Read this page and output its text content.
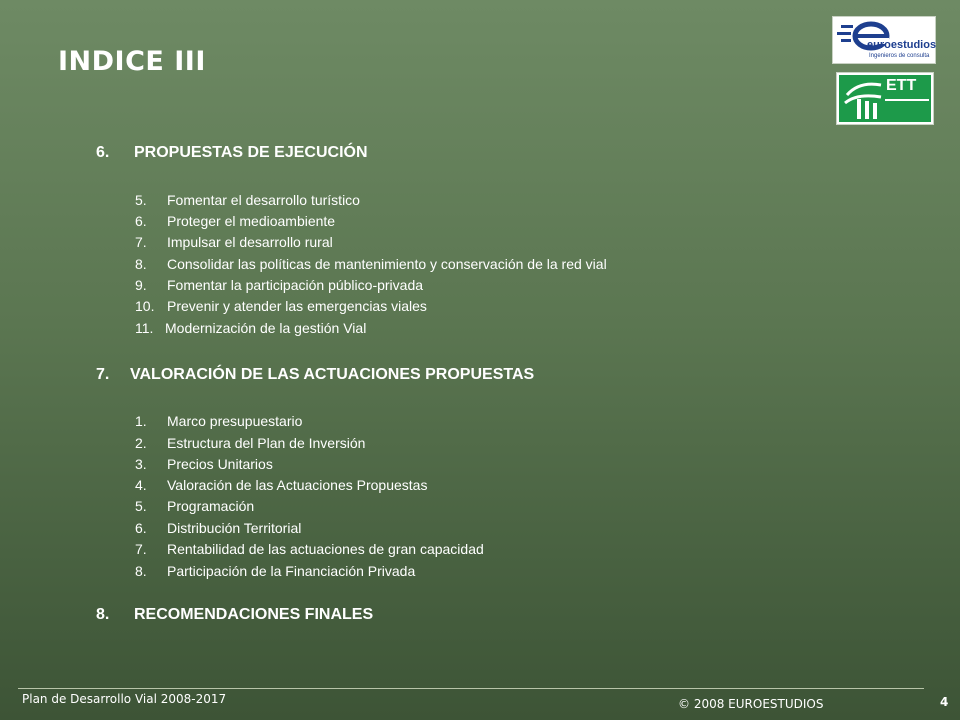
INDICE III
euroestudios
Ingenieros de consulta
ETT
6. PROPUESTAS DE EJECUCIÓN
5. Fomentar el desarrollo turístico
6. Proteger el medioambiente
7. Impulsar el desarrollo rural
8. Consolidar las políticas de mantenimiento y conservación de la red vial
9. Fomentar la participación público-privada
10. Prevenir y atender las emergencias viales
11. Modernización de la gestión Vial
7. VALORACIÓN DE LAS ACTUACIONES PROPUESTAS
1. Marco presupuestario
2. Estructura del Plan de Inversión
3. Precios Unitarios
4. Valoración de las Actuaciones Propuestas
5. Programación
6. Distribución Territorial
7. Rentabilidad de las actuaciones de gran capacidad
8. Participación de la Financiación Privada
8. RECOMENDACIONES FINALES
Plan de Desarrollo Vial 2008-2017	© 2008 EUROESTUDIOS	4
